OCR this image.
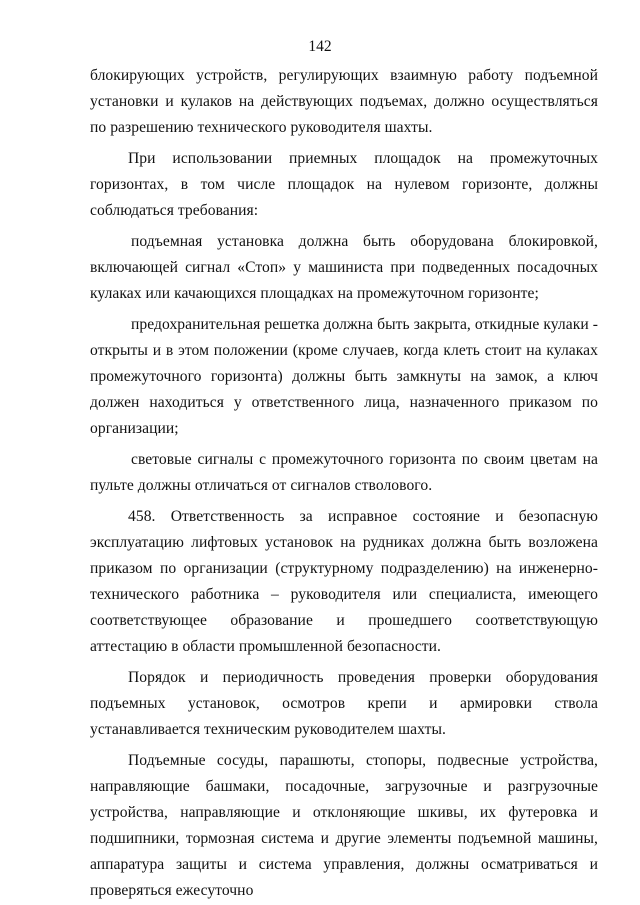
142

блокирующих устройств, регулирующих взаимную работу подъемной установки и кулаков на действующих подъемах, должно осуществляться по разрешению технического руководителя шахты.

При использовании приемных площадок на промежуточных горизонтах, в том числе площадок на нулевом горизонте, должны соблюдаться требования:

подъемная установка должна быть оборудована блокировкой, включающей сигнал «Стоп» у машиниста при подведенных посадочных кулаках или качающихся площадках на промежуточном горизонте;

предохранительная решетка должна быть закрыта, откидные кулаки - открыты и в этом положении (кроме случаев, когда клеть стоит на кулаках промежуточного горизонта) должны быть замкнуты на замок, а ключ должен находиться у ответственного лица, назначенного приказом по организации;

световые сигналы с промежуточного горизонта по своим цветам на пульте должны отличаться от сигналов стволового.

458. Ответственность за исправное состояние и безопасную эксплуатацию лифтовых установок на рудниках должна быть возложена приказом по организации (структурному подразделению) на инженерно-технического работника – руководителя или специалиста, имеющего соответствующее образование и прошедшего соответствующую аттестацию в области промышленной безопасности.

Порядок и периодичность проведения проверки оборудования подъемных установок, осмотров крепи и армировки ствола устанавливается техническим руководителем шахты.

Подъемные сосуды, парашюты, стопоры, подвесные устройства, направляющие башмаки, посадочные, загрузочные и разгрузочные устройства, направляющие и отклоняющие шкивы, их футеровка и подшипники, тормозная система и другие элементы подъемной машины, аппаратура защиты и система управления, должны осматриваться и проверяться ежесуточно
